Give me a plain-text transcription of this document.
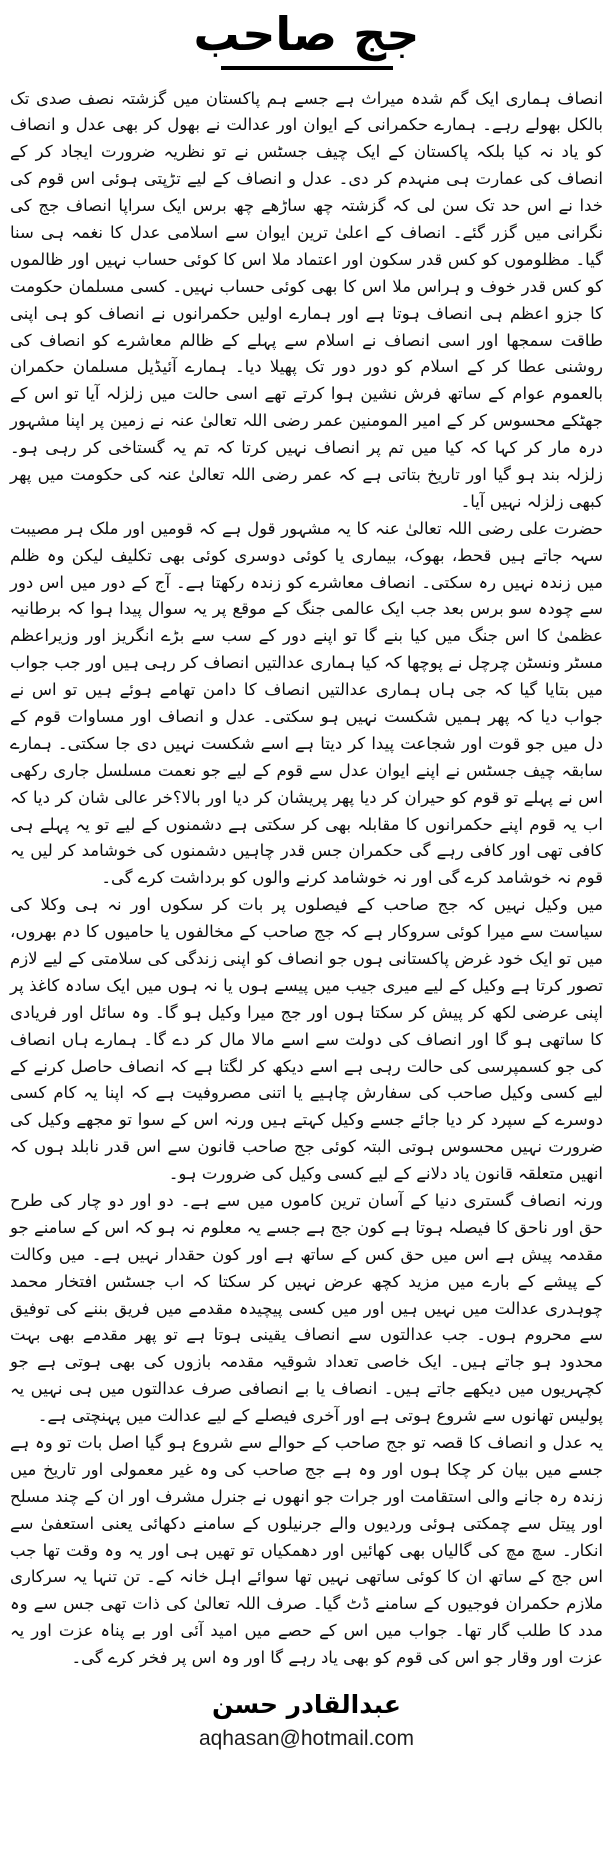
جج صاحب

انصاف ہماری ایک گم شدہ میراث ہے جسے ہم پاکستان میں گزشتہ نصف صدی تک بالکل بھولے رہے۔ ہمارے حکمرانی کے ایوان اور عدالت نے بھول کر بھی عدل و انصاف کو یاد نہ کیا بلکہ پاکستان کے ایک چیف جسٹس نے تو نظریہ ضرورت ایجاد کر کے انصاف کی عمارت ہی منہدم کر دی۔ عدل و انصاف کے لیے تڑپتی ہوئی اس قوم کی خدا نے اس حد تک سن لی کہ گزشتہ چھ ساڑھے چھ برس ایک سراپا انصاف جج کی نگرانی میں گزر گئے۔ انصاف کے اعلیٰ ترین ایوان سے اسلامی عدل کا نغمہ ہی سنا گیا۔ مظلوموں کو کس قدر سکون اور اعتماد ملا اس کا کوئی حساب نہیں اور ظالموں کو کس قدر خوف و ہراس ملا اس کا بھی کوئی حساب نہیں۔ کسی مسلمان حکومت کا جزو اعظم ہی انصاف ہوتا ہے اور ہمارے اولیں حکمرانوں نے انصاف کو ہی اپنی طاقت سمجھا اور اسی انصاف نے اسلام سے پہلے کے ظالم معاشرے کو انصاف کی روشنی عطا کر کے اسلام کو دور دور تک پھیلا دیا۔ ہمارے آئیڈیل مسلمان حکمران بالعموم عوام کے ساتھ فرش نشین ہوا کرتے تھے اسی حالت میں زلزلہ آیا تو اس کے جھٹکے محسوس کر کے امیر المومنین عمر رضی اللہ تعالیٰ عنہ نے زمین پر اپنا مشہور درہ مار کر کہا کہ کیا میں تم پر انصاف نہیں کرتا کہ تم یہ گستاخی کر رہی ہو۔ زلزلہ بند ہو گیا اور تاریخ بتاتی ہے کہ عمر رضی اللہ تعالیٰ عنہ کی حکومت میں پھر کبھی زلزلہ نہیں آیا۔

حضرت علی رضی اللہ تعالیٰ عنہ کا یہ مشہور قول ہے کہ قومیں اور ملک ہر مصیبت سہہ جاتے ہیں قحط، بھوک، بیماری یا کوئی دوسری کوئی بھی تکلیف لیکن وہ ظلم میں زندہ نہیں رہ سکتی۔ انصاف معاشرے کو زندہ رکھتا ہے۔ آج کے دور میں اس دور سے چودہ سو برس بعد جب ایک عالمی جنگ کے موقع پر یہ سوال پیدا ہوا کہ برطانیہ عظمیٰ کا اس جنگ میں کیا بنے گا تو اپنے دور کے سب سے بڑے انگریز اور وزیراعظم مسٹر ونسٹن چرچل نے پوچھا کہ کیا ہماری عدالتیں انصاف کر رہی ہیں اور جب جواب میں بتایا گیا کہ جی ہاں ہماری عدالتیں انصاف کا دامن تھامے ہوئے ہیں تو اس نے جواب دیا کہ پھر ہمیں شکست نہیں ہو سکتی۔ عدل و انصاف اور مساوات قوم کے دل میں جو قوت اور شجاعت پیدا کر دیتا ہے اسے شکست نہیں دی جا سکتی۔ ہمارے سابقہ چیف جسٹس نے اپنے ایوان عدل سے قوم کے لیے جو نعمت مسلسل جاری رکھی اس نے پہلے تو قوم کو حیران کر دیا پھر پریشان کر دیا اور بالا؟خر عالی شان کر دیا کہ اب یہ قوم اپنے حکمرانوں کا مقابلہ بھی کر سکتی ہے دشمنوں کے لیے تو یہ پہلے ہی کافی تھی اور کافی رہے گی حکمران جس قدر چاہیں دشمنوں کی خوشامد کر لیں یہ قوم نہ خوشامد کرے گی اور نہ خوشامد کرنے والوں کو برداشت کرے گی۔

میں وکیل نہیں کہ جج صاحب کے فیصلوں پر بات کر سکوں اور نہ ہی وکلا کی سیاست سے میرا کوئی سروکار ہے کہ جج صاحب کے مخالفوں یا حامیوں کا دم بھروں، میں تو ایک خود غرض پاکستانی ہوں جو انصاف کو اپنی زندگی کی سلامتی کے لیے لازم تصور کرتا ہے وکیل کے لیے میری جیب میں پیسے ہوں یا نہ ہوں میں ایک سادہ کاغذ پر اپنی عرضی لکھ کر پیش کر سکتا ہوں اور جج میرا وکیل ہو گا۔ وہ سائل اور فریادی کا ساتھی ہو گا اور انصاف کی دولت سے اسے مالا مال کر دے گا۔ ہمارے ہاں انصاف کی جو کسمپرسی کی حالت رہی ہے اسے دیکھ کر لگتا ہے کہ انصاف حاصل کرنے کے لیے کسی وکیل صاحب کی سفارش چاہیے یا اتنی مصروفیت ہے کہ اپنا یہ کام کسی دوسرے کے سپرد کر دیا جائے جسے وکیل کہتے ہیں ورنہ اس کے سوا تو مجھے وکیل کی ضرورت نہیں محسوس ہوتی البتہ کوئی جج صاحب قانون سے اس قدر نابلد ہوں کہ انھیں متعلقہ قانون یاد دلانے کے لیے کسی وکیل کی ضرورت ہو۔

ورنہ انصاف گستری دنیا کے آسان ترین کاموں میں سے ہے۔ دو اور دو چار کی طرح حق اور ناحق کا فیصلہ ہوتا ہے کون جج ہے جسے یہ معلوم نہ ہو کہ اس کے سامنے جو مقدمہ پیش ہے اس میں حق کس کے ساتھ ہے اور کون حقدار نہیں ہے۔ میں وکالت کے پیشے کے بارے میں مزید کچھ عرض نہیں کر سکتا کہ اب جسٹس افتخار محمد چوہدری عدالت میں نہیں ہیں اور میں کسی پیچیدہ مقدمے میں فریق بننے کی توفیق سے محروم ہوں۔ جب عدالتوں سے انصاف یقینی ہوتا ہے تو پھر مقدمے بھی بہت محدود ہو جاتے ہیں۔ ایک خاصی تعداد شوقیہ مقدمہ بازوں کی بھی ہوتی ہے جو کچہریوں میں دیکھے جاتے ہیں۔ انصاف یا بے انصافی صرف عدالتوں میں ہی نہیں یہ پولیس تھانوں سے شروع ہوتی ہے اور آخری فیصلے کے لیے عدالت میں پہنچتی ہے۔

یہ عدل و انصاف کا قصہ تو جج صاحب کے حوالے سے شروع ہو گیا اصل بات تو وہ ہے جسے میں بیان کر چکا ہوں اور وہ ہے جج صاحب کی وہ غیر معمولی اور تاریخ میں زندہ رہ جانے والی استقامت اور جرات جو انھوں نے جنرل مشرف اور ان کے چند مسلح اور پیتل سے چمکتی ہوئی وردیوں والے جرنیلوں کے سامنے دکھائی یعنی استعفیٰ سے انکار۔ سچ مچ کی گالیاں بھی کھائیں اور دھمکیاں تو تھیں ہی اور یہ وہ وقت تھا جب اس جج کے ساتھ ان کا کوئی ساتھی نہیں تھا سوائے اہل خانہ کے۔ تن تنہا یہ سرکاری ملازم حکمران فوجیوں کے سامنے ڈٹ گیا۔ صرف اللہ تعالیٰ کی ذات تھی جس سے وہ مدد کا طلب گار تھا۔ جواب میں اس کے حصے میں امید آئی اور بے پناہ عزت اور یہ عزت اور وقار جو اس کی قوم کو بھی یاد رہے گا اور وہ اس پر فخر کرے گی۔

عبدالقادر حسن
aqhasan@hotmail.com
